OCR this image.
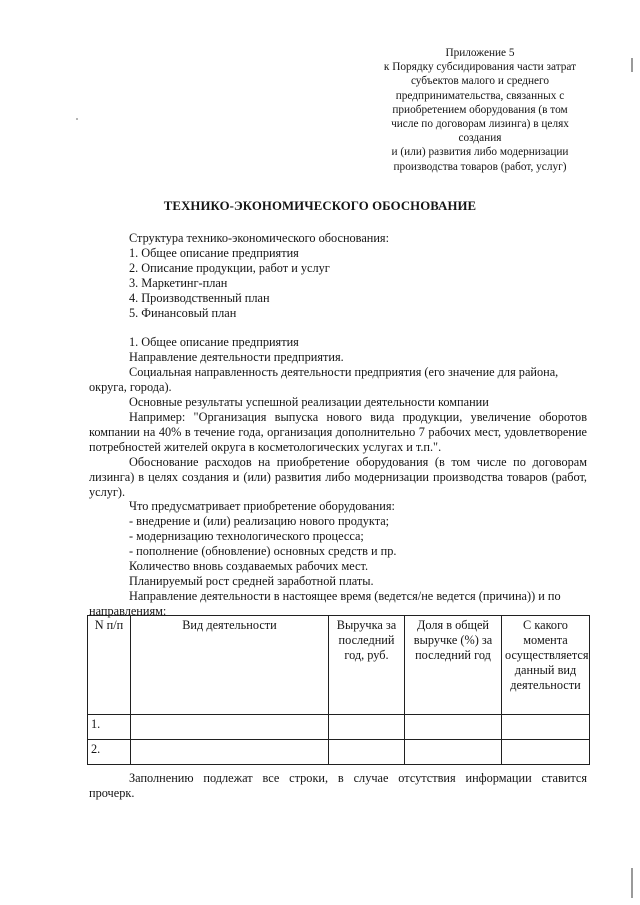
Приложение 5
к Порядку субсидирования части затрат
субъектов малого и среднего
предпринимательства, связанных с
приобретением оборудования (в том
числе по договорам лизинга) в целях
создания
и (или) развития либо модернизации
производства товаров (работ, услуг)
ТЕХНИКО-ЭКОНОМИЧЕСКОГО ОБОСНОВАНИЕ

Структура технико-экономического обоснования:

1. Общее описание предприятия

2. Описание продукции, работ и услуг

3. Маркетинг-план

4. Производственный план

5. Финансовый план

1. Общее описание предприятия

Направление деятельности предприятия.

Социальная направленность деятельности предприятия (его значение для района, округа, города).

Основные результаты успешной реализации деятельности компании

Например: "Организация выпуска нового вида продукции, увеличение оборотов компании на 40% в течение года, организация дополнительно 7 рабочих мест, удовлетворение потребностей жителей округа в косметологических услугах и т.п.".

Обоснование расходов на приобретение оборудования (в том числе по договорам лизинга) в целях создания и (или) развития либо модернизации производства товаров (работ, услуг).

Что предусматривает приобретение оборудования:

- внедрение и (или) реализацию нового продукта;

- модернизацию технологического процесса;

- пополнение (обновление) основных средств и пр.

Количество вновь создаваемых рабочих мест.

Планируемый рост средней заработной платы.

Направление деятельности в настоящее время (ведется/не ведется (причина)) и по направлениям:

N п/п	Вид деятельности	Выручка за последний год, руб.	Доля в общей выручке (%) за последний год	С какого момента осуществляется данный вид деятельности
1.				
2.				

Заполнению подлежат все строки, в случае отсутствия информации ставится
прочерк.
